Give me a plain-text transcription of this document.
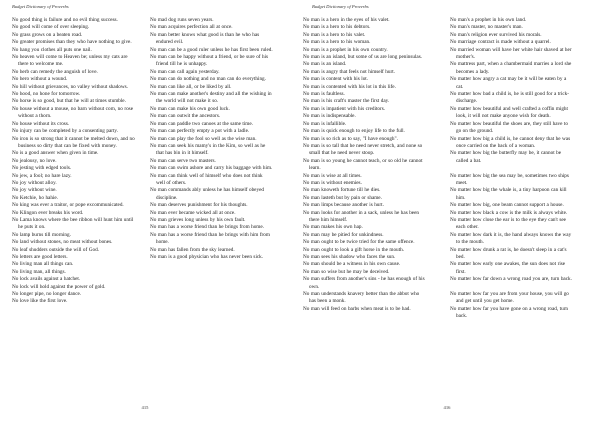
Budget Dictionary of Proverbs
No good thing is failure and no evil thing success.
No good will come of over sleeping.
No grass grows on a beaten road.
No greater promises than they who have nothing to give.
No hang you clothes all puts one nail.
No heaven will come to Heaven be; unless my cats are there to welcome me.
No herb can remedy the anguish of love.
No hero without a wound.
No hill without grievances, no valley without shadows.
No hood, no hone for tomorrow.
No horse is so good, but that he will at times stumble.
No house without a mouse, no barn without corn, no rose without a thorn.
No house without its cross.
No injury can be completed by a consenting party.
No iron is so strong that it cannot be melted down, and no business so dirty that can be fixed with money.
No is a good answer when given in time.
No jealousy, no love.
No jesting with edged tools.
No jew, a fool; no hare lazy.
No joy without alloy.
No joy without wine.
No Ketchie, ho hahie.
No king was ever a traitor, or pope excommunicated.
No Klingon ever breaks his word.
No Lama knows where the bee ribbon will hunt him until he puts it on.
No lamp burns till morning.
No land without stones, no meat without bones.
No leaf shudders outside the will of God.
No letters are good letters.
No living man all things can.
No living man, all things.
No lock avails against a hatchet.
No lock will hold against the power of gold.
No longer pipe, no longer dance.
No love like the first love.
No mad dog runs seven years.
No man acquires perfection all at once.
No man better knows what good is than he who has endured evil.
No man can be a good ruler unless he has first been ruled.
No man can be happy without a friend, or be sure of his friend till he is unhappy.
No man can call again yesterday.
No man can do nothing and no man can do everything.
No man can like all, or be liked by all.
No man can make another's destiny and all the wishing in the world will not make it so.
No man can make his own good luck.
No man can outwit the ancestors.
No man can paddle two canoes at the same time.
No man can perfectly empty a pot with a ladle.
No man can play the fool so well as the wise man.
No man can seek his mamy's in the Kim, so well as he that has bin in it himself.
No man can serve two masters.
No man can swim ashore and carry his baggage with him.
No man can think well of himself who does not think well of others.
No man commands ably unless he has himself obeyed discipline.
No man deserves punishment for his thoughts.
No man ever became wicked all at once.
No man grieves long unless by his own fault.
No man has a worse friend than he brings from home.
No man has a worse friend than he brings with him from home.
No man has fallen from the sky learned.
No man is a good physician who has never been sick.
415
Budget Dictionary of Proverbs
No man is a hero in the eyes of his valet.
No man is a hero to his debtors.
No man is a hero to his valet.
No man is a hero to his woman.
No man is a prophet in his own country.
No man is an island, but some of us are long peninsulas.
No man is an island.
No man is angry that feels not himself hurt.
No man is content with his lot.
No man is contented with his lot in this life.
No man is faultless.
No man is his craft's master the first day.
No man is impatient with his creditors.
No man is indispensable.
No man is infallible.
No man is quick enough to enjoy life to the full.
No man is so rich as to say, "I have enough".
No man is so tall that he need never stretch, and none so small that he need never stoop.
No man is so young he cannot teach, or so old he cannot learn.
No man is wise at all times.
No man is without enemies.
No man knoweth fortune till he dies.
No man lasteth but by pain or shame.
No man limps because another is hurt.
No man looks for another in a sack, unless he has been there him himself.
No man makes his own hap.
No man may be pitied for unkindness.
No man ought to be twice tried for the same offence.
No man ought to look a gift horse in the mouth.
No man sees his shadow who faces the sun.
No man should be a witness in his own cause.
No man so wise but he may be deceived.
No man suffers from another's sins - he has enough of his own.
No man understands knavery better than the abbot who has been a monk.
No man will feed on barbs when meat is to be had.
No man's a prophet in his own land.
No man's master, no master's man.
No man's religion ever survived his morals.
No marriage contract is made without a quarrel.
No married woman will have her white hair shaved at her mother's.
No mattress part, when a chambermaid marries a lord she becomes a lady.
No matter how angry a cat may be it will be eaten by a cat.
No matter how bad a child is, he is still good for a trick-discharge.
No matter how beautiful and well crafted a coffin might look, it will not make anyone wish for death.
No matter how beautiful the shoes are, they still have to go on the ground.
No matter how big a child is, he cannot deny that he was once carried on the back of a woman.
No matter how big the butterfly may be, it cannot be called a bat.
No matter how big the sea may be, sometimes two ships meet.
No matter how big the whale is, a tiny harpoon can kill him.
No matter how big, one beam cannot support a house.
No matter how black a cow is the milk is always white.
No matter how close the ear is to the eye they can't see each other.
No matter how dark it is, the hand always knows the way to the mouth.
No matter how drunk a rat is, he doesn't sleep in a cat's bed.
No matter how early one awakes, the sun does not rise first.
No matter how far down a wrong road you are, turn back.
No matter how far you are from your house, you will go and get until you get home.
No matter how far you have gone on a wrong road, turn back.
416
